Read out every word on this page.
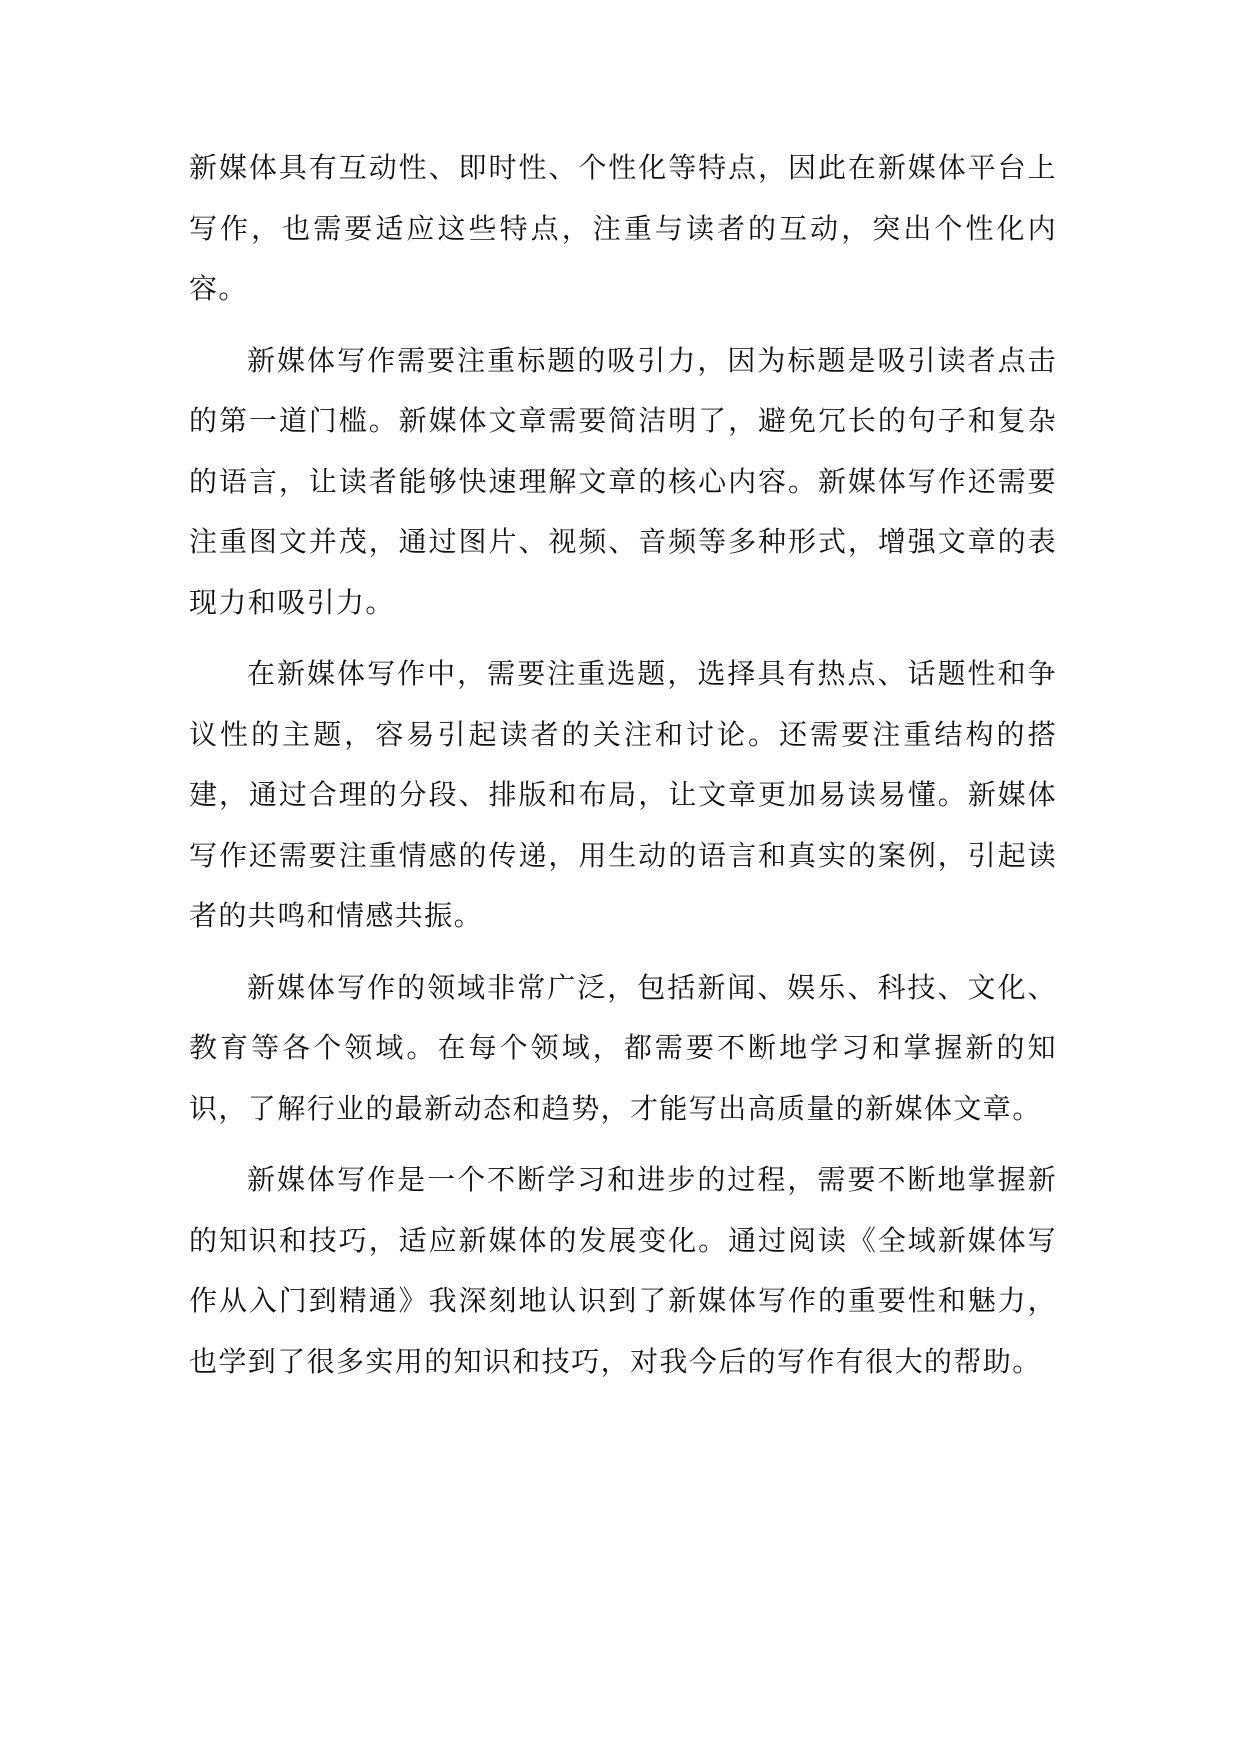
新媒体具有互动性、即时性、个性化等特点，因此在新媒体平台上写作，也需要适应这些特点，注重与读者的互动，突出个性化内容。

新媒体写作需要注重标题的吸引力，因为标题是吸引读者点击的第一道门槛。新媒体文章需要简洁明了，避免冗长的句子和复杂的语言，让读者能够快速理解文章的核心内容。新媒体写作还需要注重图文并茂，通过图片、视频、音频等多种形式，增强文章的表现力和吸引力。

在新媒体写作中，需要注重选题，选择具有热点、话题性和争议性的主题，容易引起读者的关注和讨论。还需要注重结构的搭建，通过合理的分段、排版和布局，让文章更加易读易懂。新媒体写作还需要注重情感的传递，用生动的语言和真实的案例，引起读者的共鸣和情感共振。

新媒体写作的领域非常广泛，包括新闻、娱乐、科技、文化、教育等各个领域。在每个领域，都需要不断地学习和掌握新的知识，了解行业的最新动态和趋势，才能写出高质量的新媒体文章。

新媒体写作是一个不断学习和进步的过程，需要不断地掌握新的知识和技巧，适应新媒体的发展变化。通过阅读《全域新媒体写作从入门到精通》我深刻地认识到了新媒体写作的重要性和魅力，也学到了很多实用的知识和技巧，对我今后的写作有很大的帮助。
